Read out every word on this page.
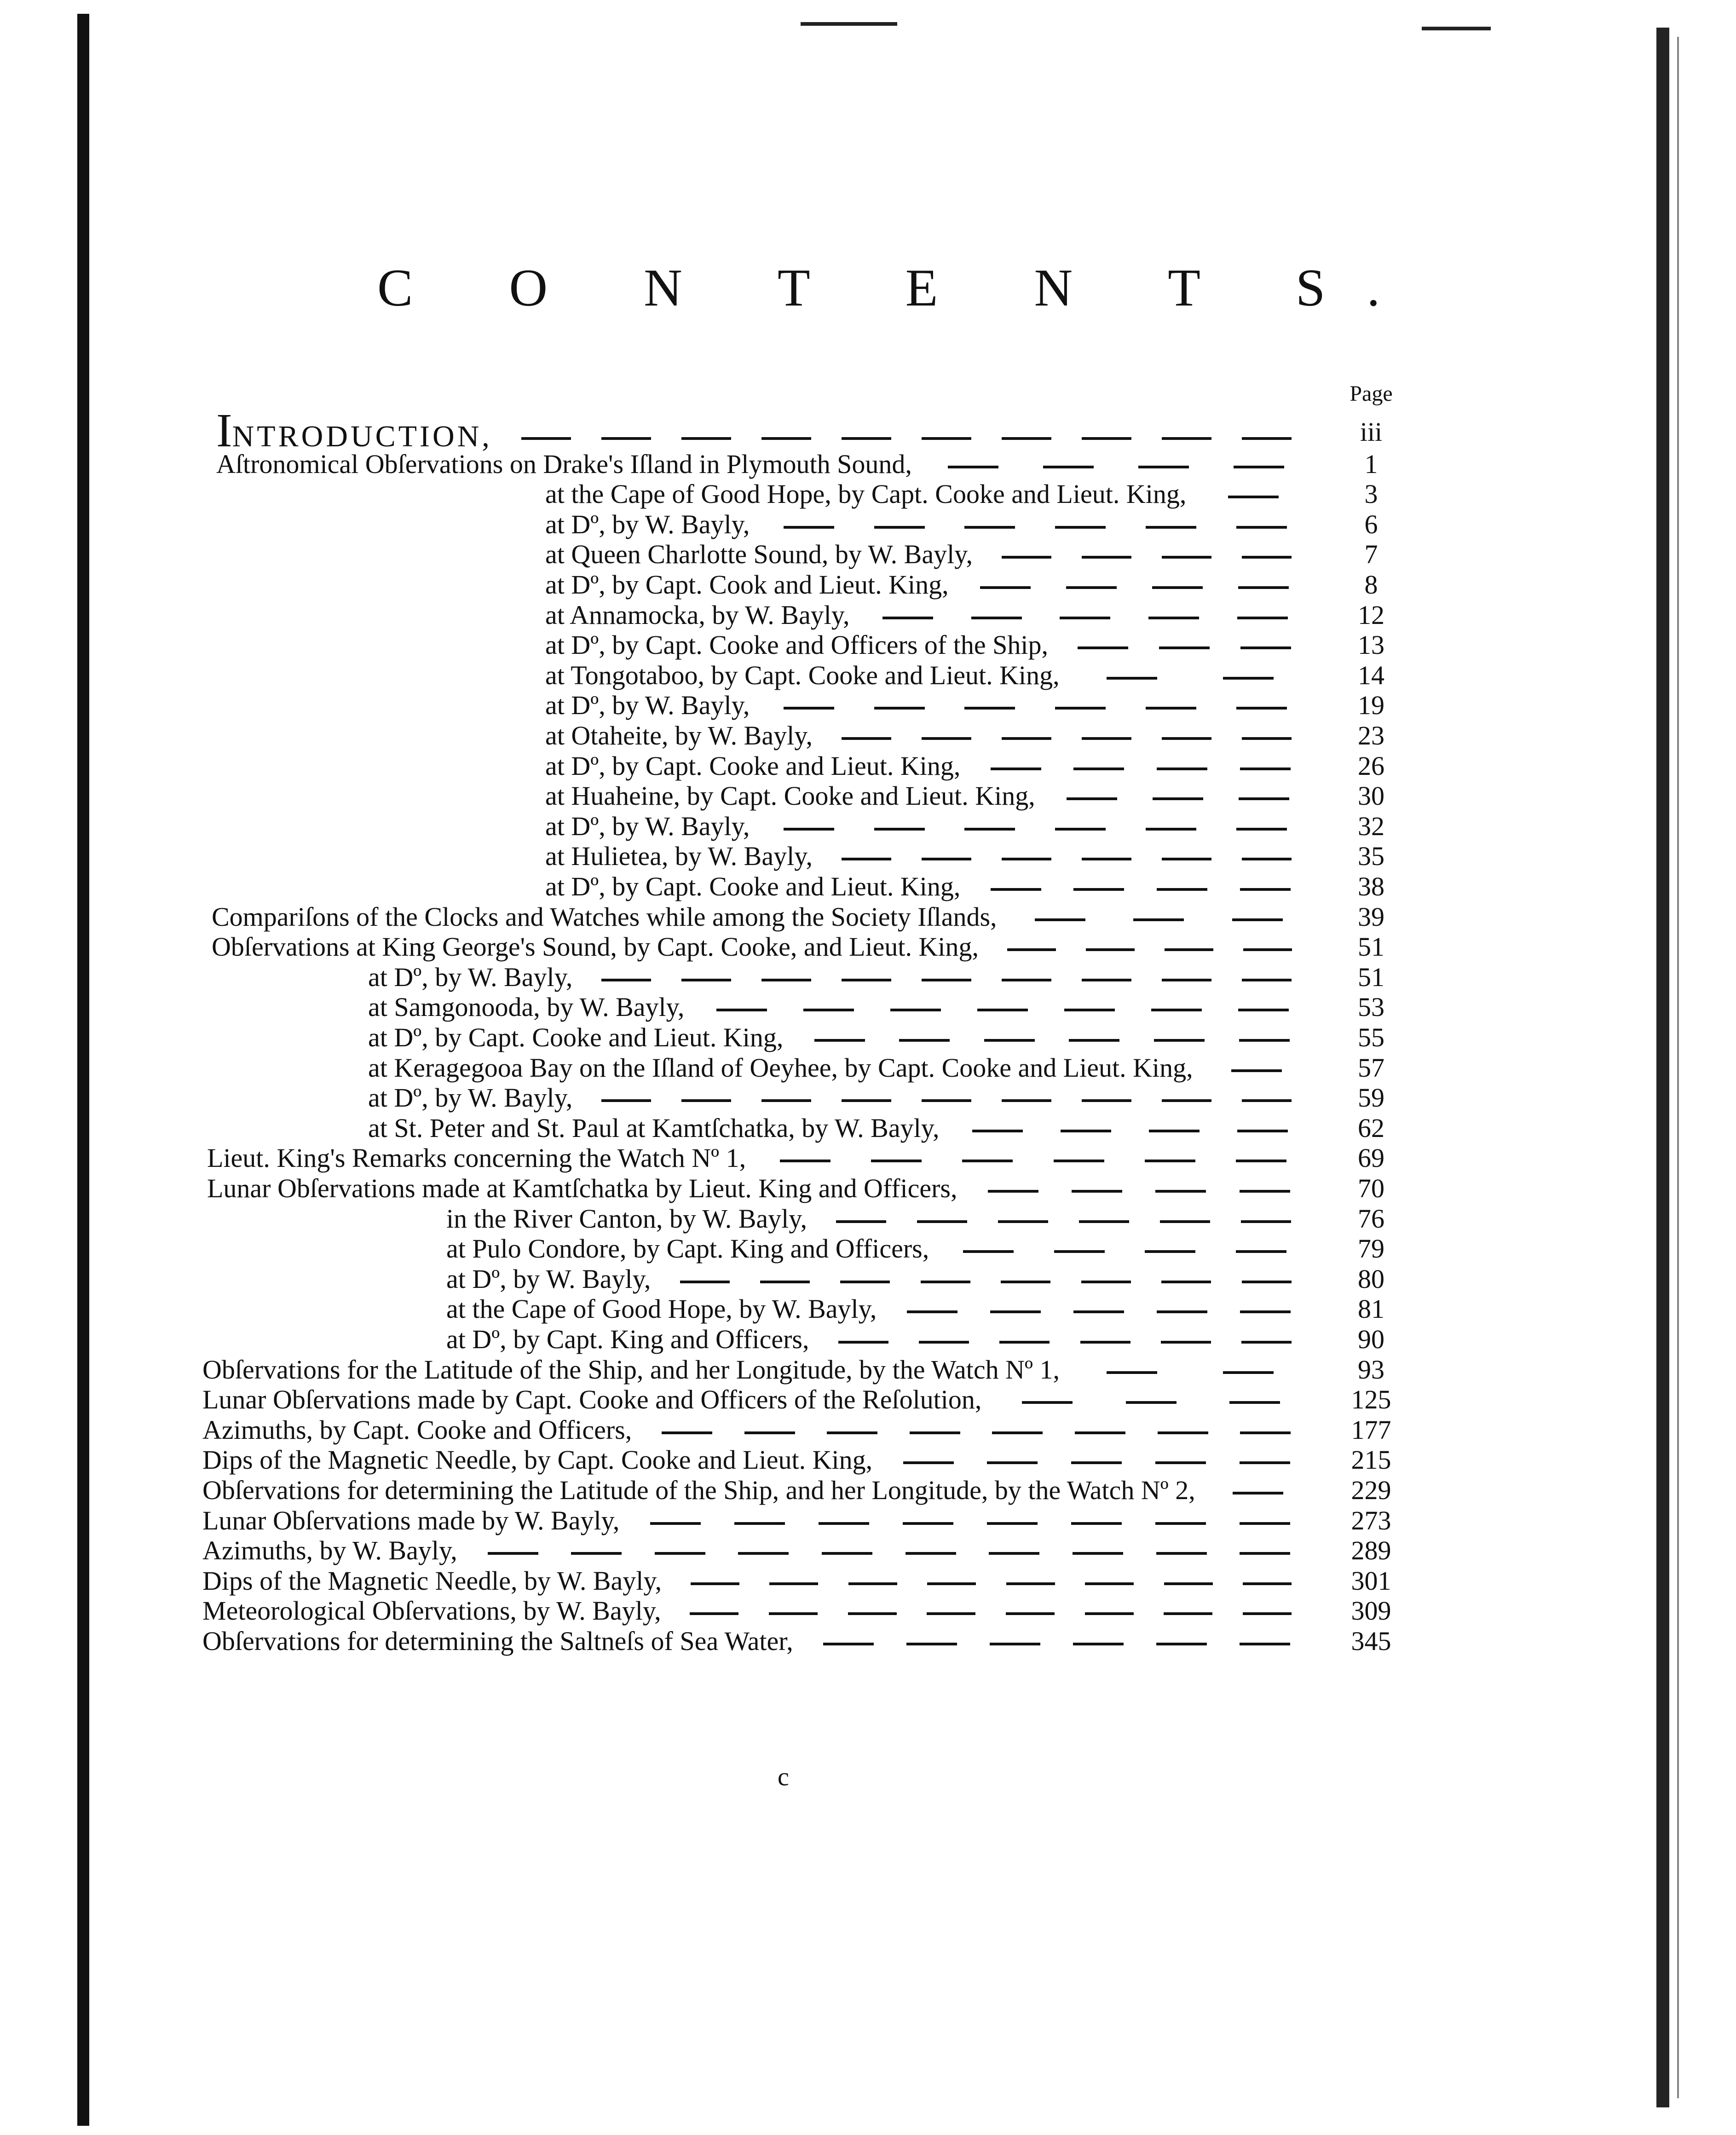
C O N T E N T S.
Page
INTRODUCTION,	iii
Aſtronomical Obſervations on Drake's Iſland in Plymouth Sound,	1
at the Cape of Good Hope, by Capt. Cooke and Lieut. King,	3
at Dº, by W. Bayly,	6
at Queen Charlotte Sound, by W. Bayly,	7
at Dº, by Capt. Cook and Lieut. King,	8
at Annamocka, by W. Bayly,	12
at Dº, by Capt. Cooke and Officers of the Ship,	13
at Tongotaboo, by Capt. Cooke and Lieut. King,	14
at Dº, by W. Bayly,	19
at Otaheite, by W. Bayly,	23
at Dº, by Capt. Cooke and Lieut. King,	26
at Huaheine, by Capt. Cooke and Lieut. King,	30
at Dº, by W. Bayly,	32
at Hulietea, by W. Bayly,	35
at Dº, by Capt. Cooke and Lieut. King,	38
Compariſons of the Clocks and Watches while among the Society Iſlands,	39
Obſervations at King George's Sound, by Capt. Cooke, and Lieut. King,	51
at Dº, by W. Bayly,	51
at Samgonooda, by W. Bayly,	53
at Dº, by Capt. Cooke and Lieut. King,	55
at Keragegooa Bay on the Iſland of Oeyhee, by Capt. Cooke and Lieut. King,	57
at Dº, by W. Bayly,	59
at St. Peter and St. Paul at Kamtſchatka, by W. Bayly,	62
Lieut. King's Remarks concerning the Watch Nº 1,	69
Lunar Obſervations made at Kamtſchatka by Lieut. King and Officers,	70
in the River Canton, by W. Bayly,	76
at Pulo Condore, by Capt. King and Officers,	79
at Dº, by W. Bayly,	80
at the Cape of Good Hope, by W. Bayly,	81
at Dº, by Capt. King and Officers,	90
Obſervations for the Latitude of the Ship, and her Longitude, by the Watch Nº 1,	93
Lunar Obſervations made by Capt. Cooke and Officers of the Reſolution,	125
Azimuths, by Capt. Cooke and Officers,	177
Dips of the Magnetic Needle, by Capt. Cooke and Lieut. King,	215
Obſervations for determining the Latitude of the Ship, and her Longitude, by the Watch Nº 2,	229
Lunar Obſervations made by W. Bayly,	273
Azimuths, by W. Bayly,	289
Dips of the Magnetic Needle, by W. Bayly,	301
Meteorological Obſervations, by W. Bayly,	309
Obſervations for determining the Saltneſs of Sea Water,	345
c
